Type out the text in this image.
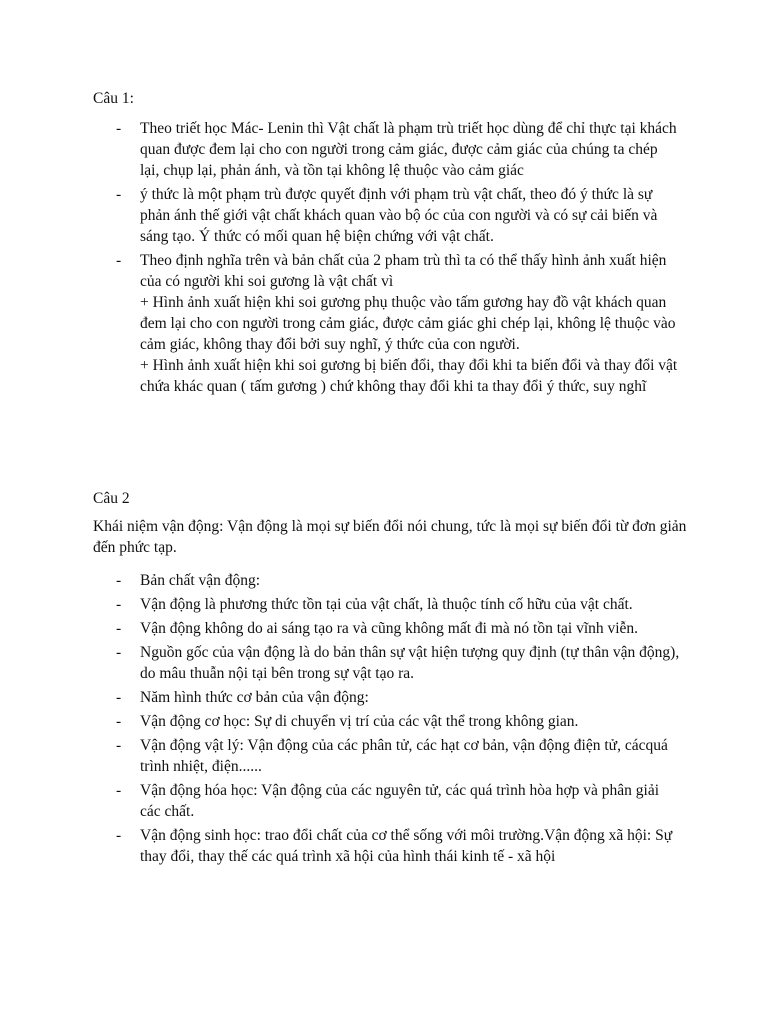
Câu 1:

- Theo triết học Mác- Lenin thì Vật chất là phạm trù triết học dùng để chỉ thực tại khách quan được đem lại cho con người trong cảm giác, được cảm giác của chúng ta chép lại, chụp lại, phản ánh, và tồn tại không lệ thuộc vào cảm giác
- ý thức là một phạm trù được quyết định với phạm trù vật chất, theo đó ý thức là sự phản ánh thế giới vật chất khách quan vào bộ óc của con người và có sự cải biến và sáng tạo. Ý thức có mối quan hệ biện chứng với vật chất.
- Theo định nghĩa trên và bản chất của 2 pham trù thì ta có thể thấy hình ảnh xuất hiện của có người khi soi gương là vật chất vì
+ Hình ảnh xuất hiện khi soi gương phụ thuộc vào tấm gương hay đồ vật khách quan đem lại cho con người trong cảm giác, được cảm giác ghi chép lại, không lệ thuộc vào cảm giác, không thay đổi bởi suy nghĩ, ý thức của con người.
+ Hình ảnh xuất hiện khi soi gương bị biến đổi, thay đổi khi ta biến đổi và thay đổi vật chứa khác quan ( tấm gương ) chứ không thay đổi khi ta thay đổi ý thức, suy nghĩ

Câu 2

Khái niệm vận động: Vận động là mọi sự biến đổi nói chung, tức là mọi sự biến đổi từ đơn giản đến phức tạp.

- Bản chất vận động:
- Vận động là phương thức tồn tại của vật chất, là thuộc tính cố hữu của vật chất.
- Vận động không do ai sáng tạo ra và cũng không mất đi mà nó tồn tại vĩnh viễn.
- Nguồn gốc của vận động là do bản thân sự vật hiện tượng quy định (tự thân vận động), do mâu thuẫn nội tại bên trong sự vật tạo ra.
- Năm hình thức cơ bản của vận động:
- Vận động cơ học: Sự di chuyển vị trí của các vật thể trong không gian.
- Vận động vật lý: Vận động của các phân tử, các hạt cơ bản, vận động điện tử, cácquá trình nhiệt, điện......
- Vận động hóa học: Vận động của các nguyên tử, các quá trình hòa hợp và phân giải các chất.
- Vận động sinh học: trao đổi chất của cơ thể sống với môi trường.Vận động xã hội: Sự thay đổi, thay thế các quá trình xã hội của hình thái kinh tế - xã hội
